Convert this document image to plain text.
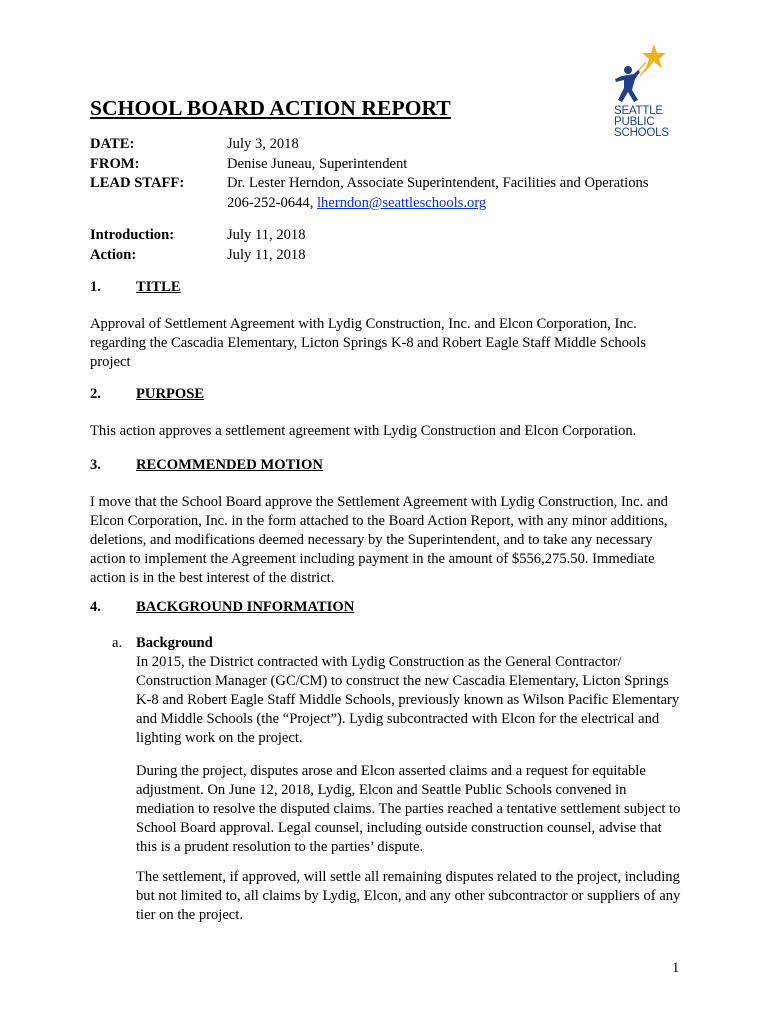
SEATTLE
PUBLIC
SCHOOLS
SCHOOL BOARD ACTION REPORT
DATE:	July 3, 2018
FROM:	Denise Juneau, Superintendent
LEAD STAFF:	Dr. Lester Herndon, Associate Superintendent, Facilities and Operations
206-252-0644, lherndon@seattleschools.org
Introduction:	July 11, 2018
Action:	July 11, 2018
1.	TITLE

Approval of Settlement Agreement with Lydig Construction, Inc. and Elcon Corporation, Inc. regarding the Cascadia Elementary, Licton Springs K-8 and Robert Eagle Staff Middle Schools project

2.	PURPOSE

This action approves a settlement agreement with Lydig Construction and Elcon Corporation.

3.	RECOMMENDED MOTION

I move that the School Board approve the Settlement Agreement with Lydig Construction, Inc. and Elcon Corporation, Inc. in the form attached to the Board Action Report, with any minor additions, deletions, and modifications deemed necessary by the Superintendent, and to take any necessary action to implement the Agreement including payment in the amount of $556,275.50. Immediate action is in the best interest of the district.

4.	BACKGROUND INFORMATION
a. Background

In 2015, the District contracted with Lydig Construction as the General Contractor/ Construction Manager (GC/CM) to construct the new Cascadia Elementary, Licton Springs K-8 and Robert Eagle Staff Middle Schools, previously known as Wilson Pacific Elementary and Middle Schools (the “Project”). Lydig subcontracted with Elcon for the electrical and lighting work on the project.

During the project, disputes arose and Elcon asserted claims and a request for equitable adjustment. On June 12, 2018, Lydig, Elcon and Seattle Public Schools convened in mediation to resolve the disputed claims. The parties reached a tentative settlement subject to School Board approval. Legal counsel, including outside construction counsel, advise that this is a prudent resolution to the parties’ dispute.

The settlement, if approved, will settle all remaining disputes related to the project, including but not limited to, all claims by Lydig, Elcon, and any other subcontractor or suppliers of any tier on the project.

1
